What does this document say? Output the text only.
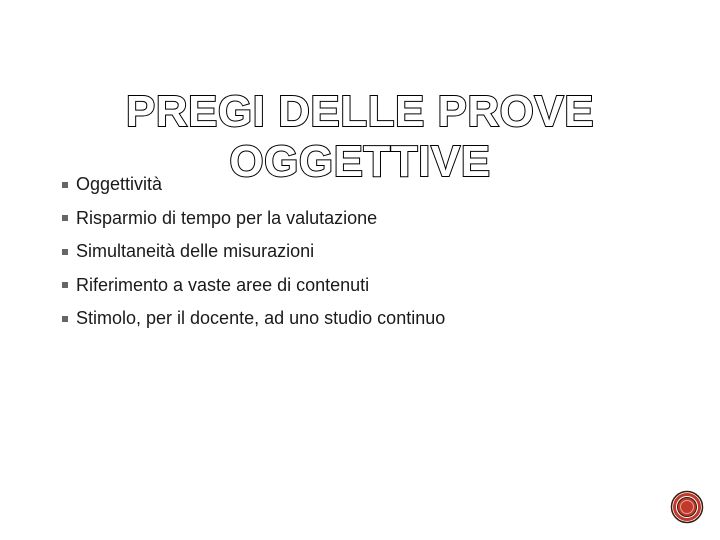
PREGI DELLE PROVE
OGGETTIVE
Oggettività
Risparmio di tempo per la valutazione
Simultaneità delle misurazioni
Riferimento a vaste aree di contenuti
Stimolo, per il docente, ad uno studio continuo
